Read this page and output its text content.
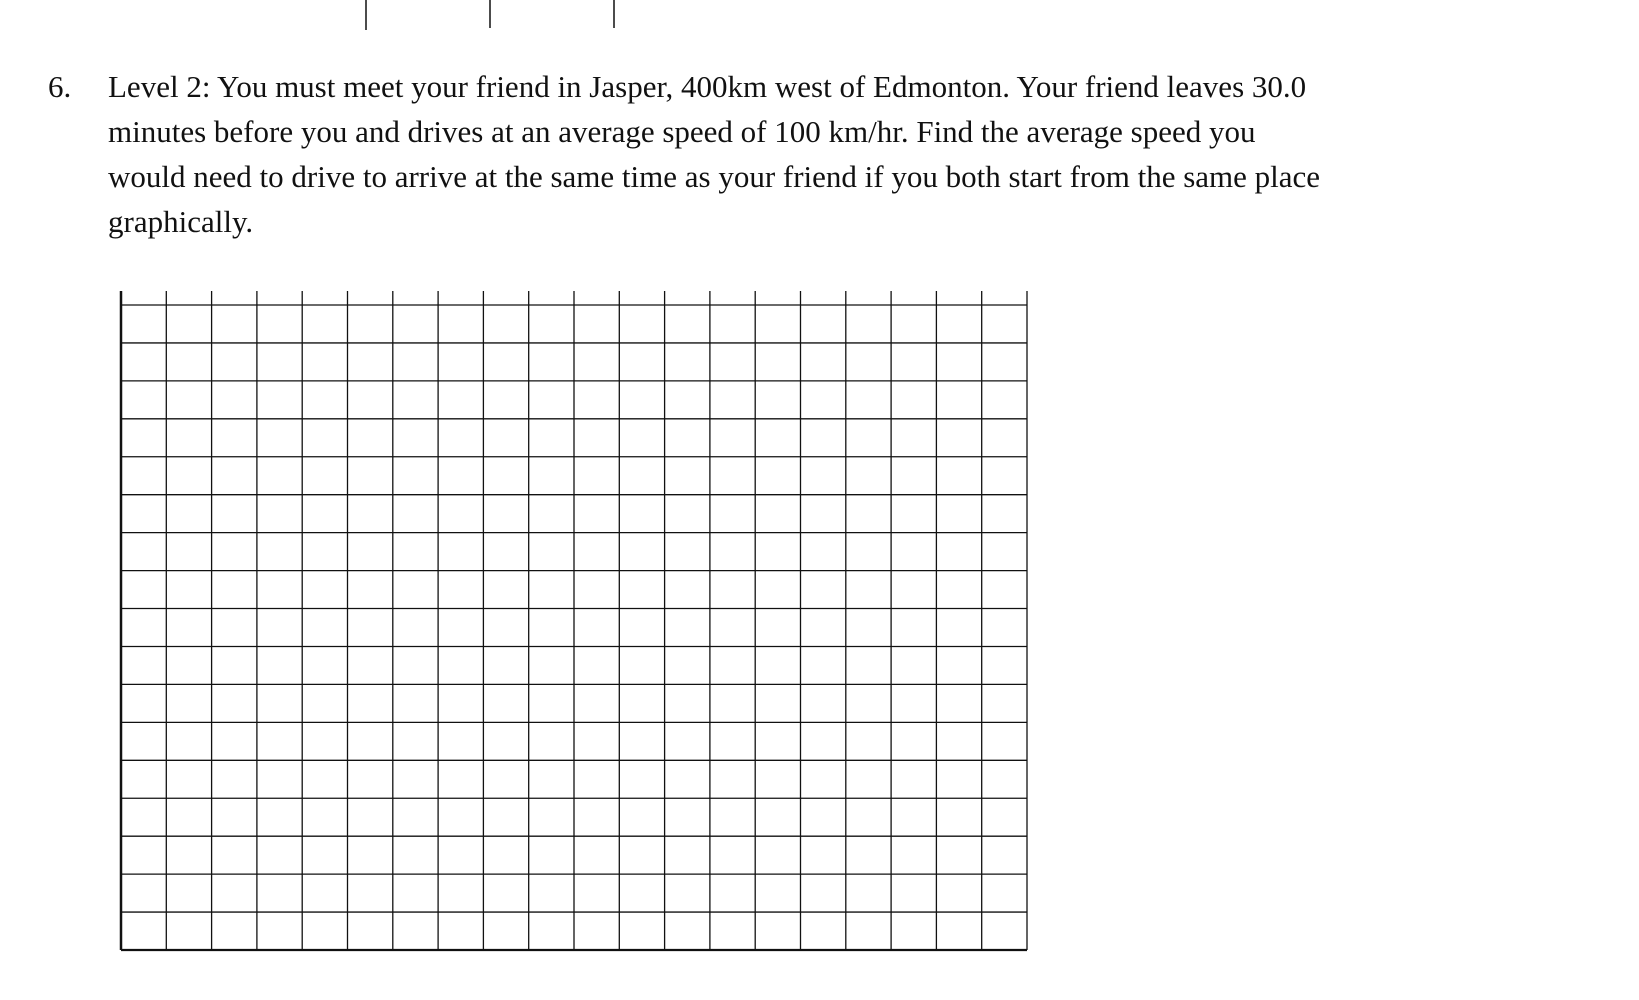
6. Level 2: You must meet your friend in Jasper, 400km west of Edmonton. Your friend leaves 30.0
minutes before you and drives at an average speed of 100 km/hr. Find the average speed you
would need to drive to arrive at the same time as your friend if you both start from the same place
graphically.
